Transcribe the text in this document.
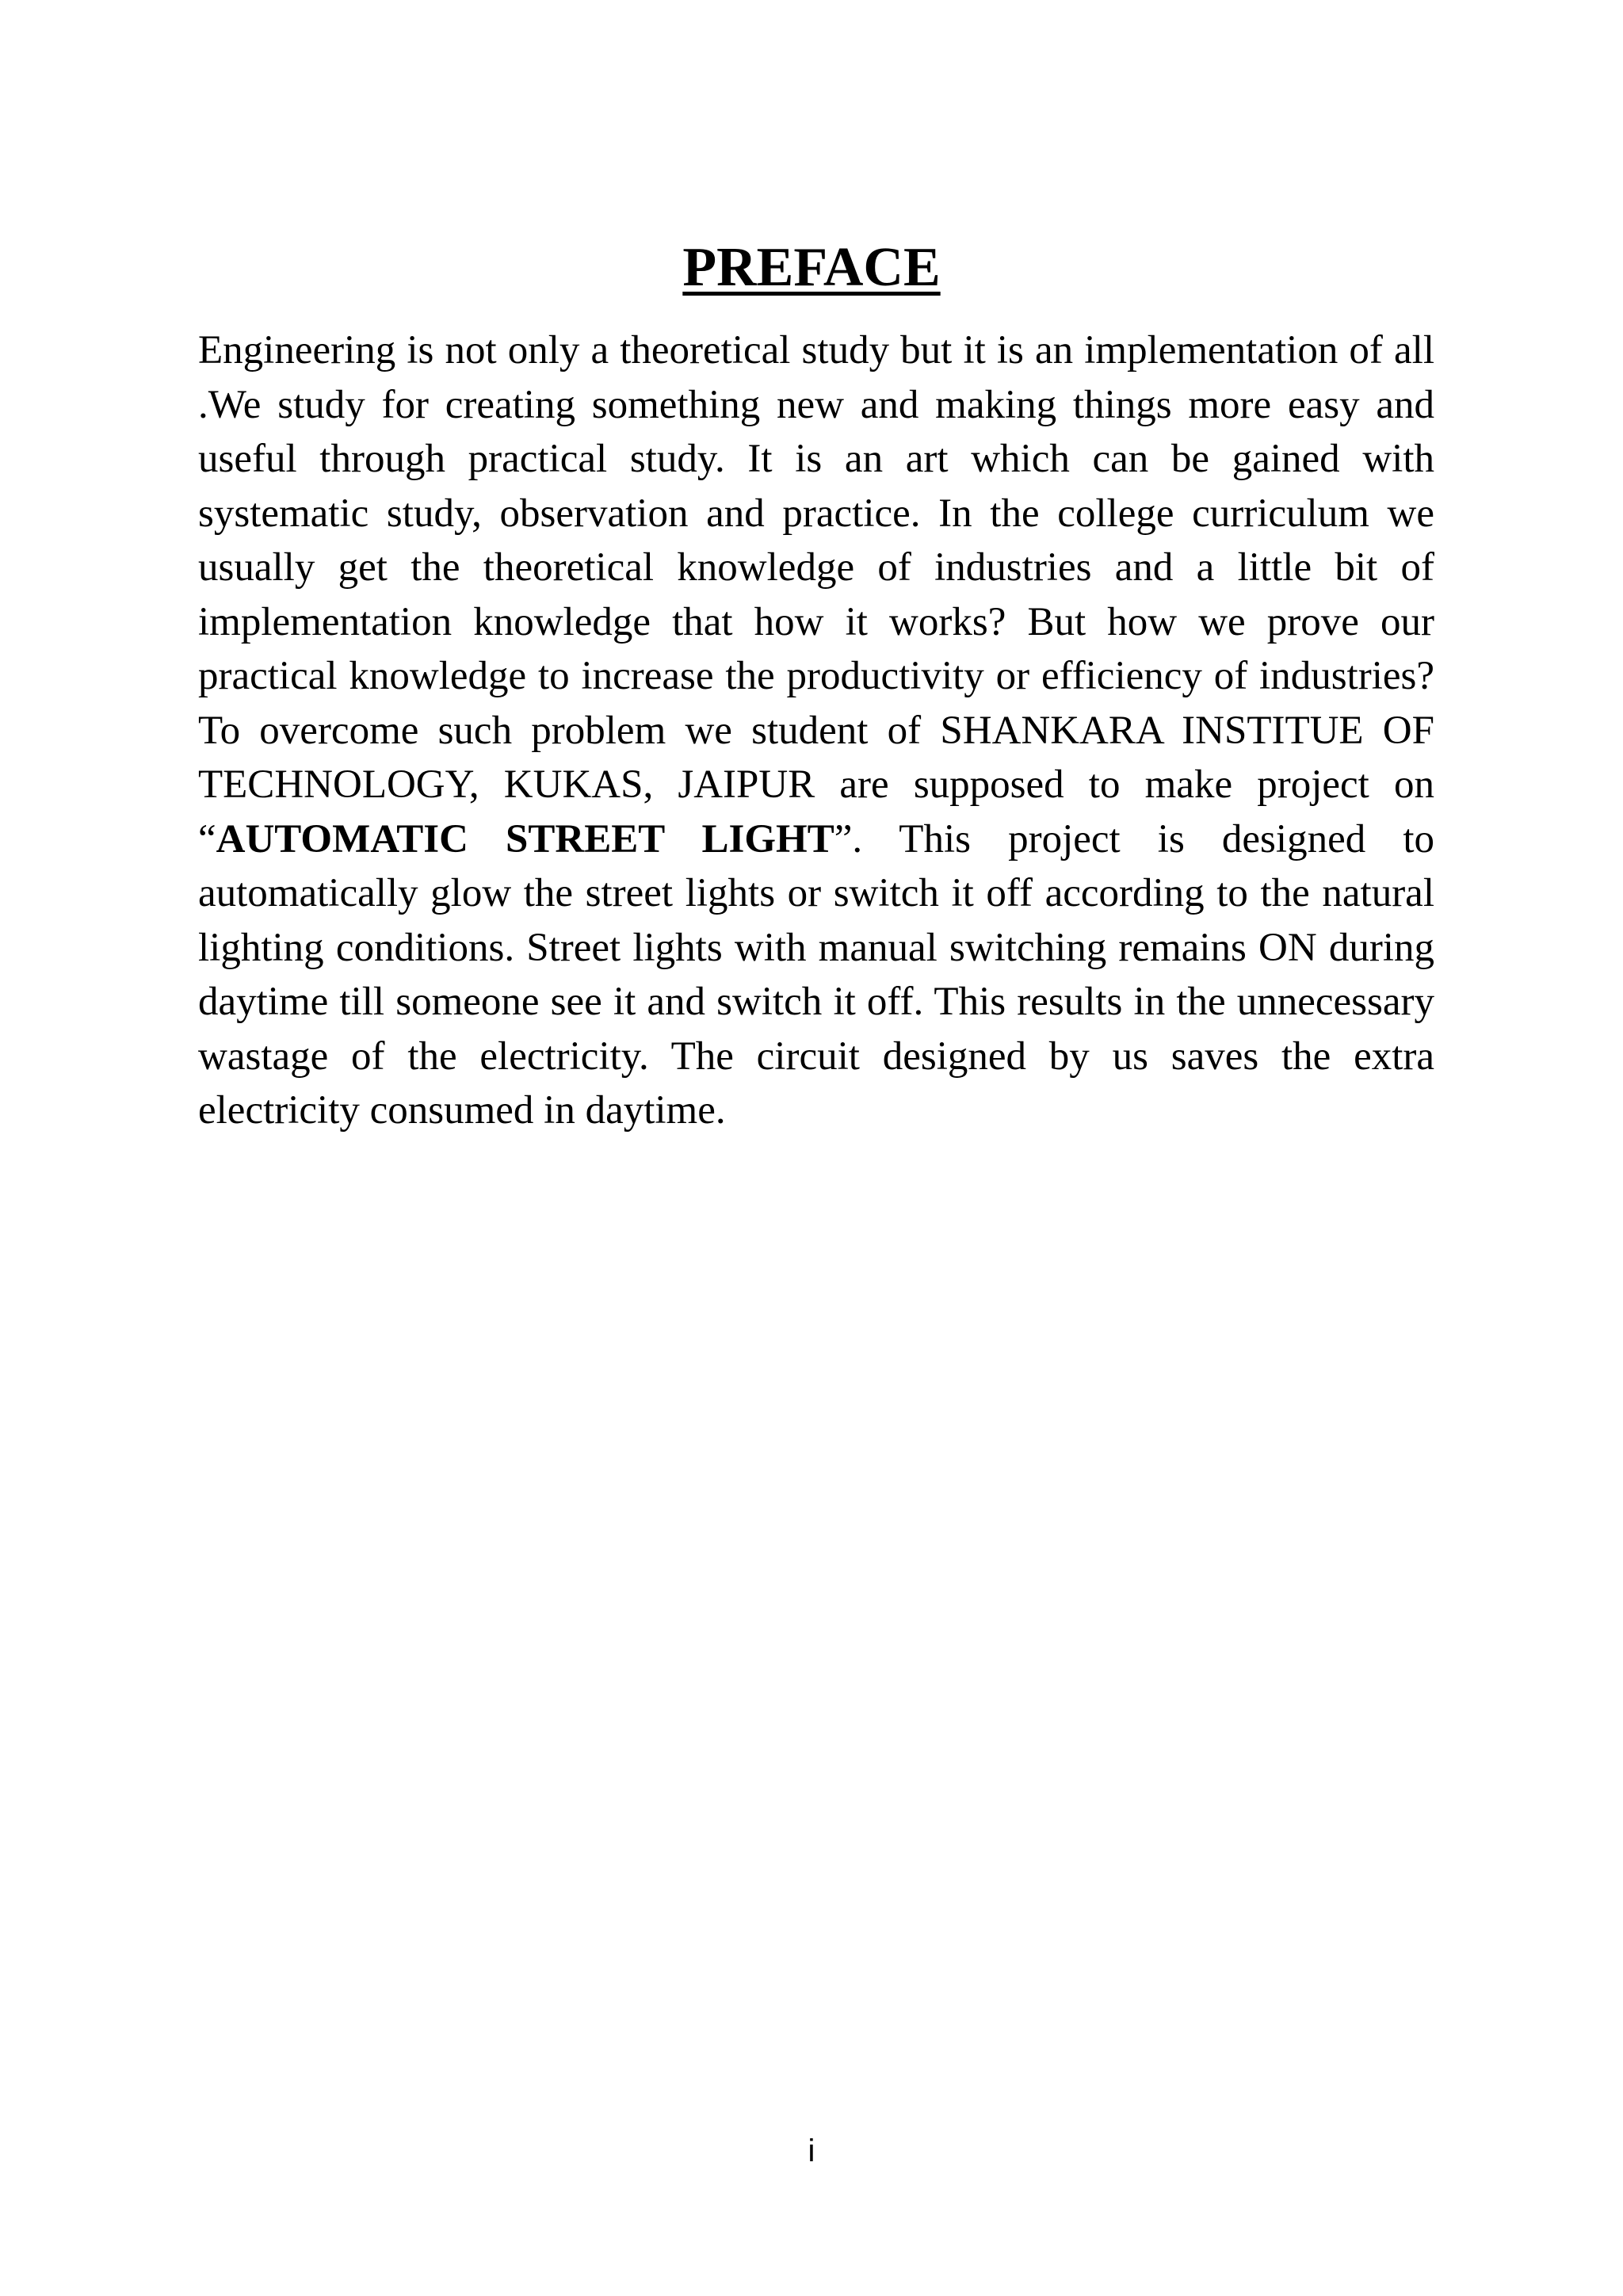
PREFACE

Engineering is not only a theoretical study but it is an implementation of all .We study for creating something new and making things more easy and useful through practical study. It is an art which can be gained with systematic study, observation and practice. In the college curriculum we usually get the theoretical knowledge of industries and a little bit of implementation knowledge that how it works? But how we prove our practical knowledge to increase the productivity or efficiency of industries? To overcome such problem we student of SHANKARA INSTITUE OF TECHNOLOGY, KUKAS, JAIPUR are supposed to make project on “AUTOMATIC STREET LIGHT”. This project is designed to automatically glow the street lights or switch it off according to the natural lighting conditions. Street lights with manual switching remains ON during daytime till someone see it and switch it off. This results in the unnecessary wastage of the electricity. The circuit designed by us saves the extra electricity consumed in daytime.

i
